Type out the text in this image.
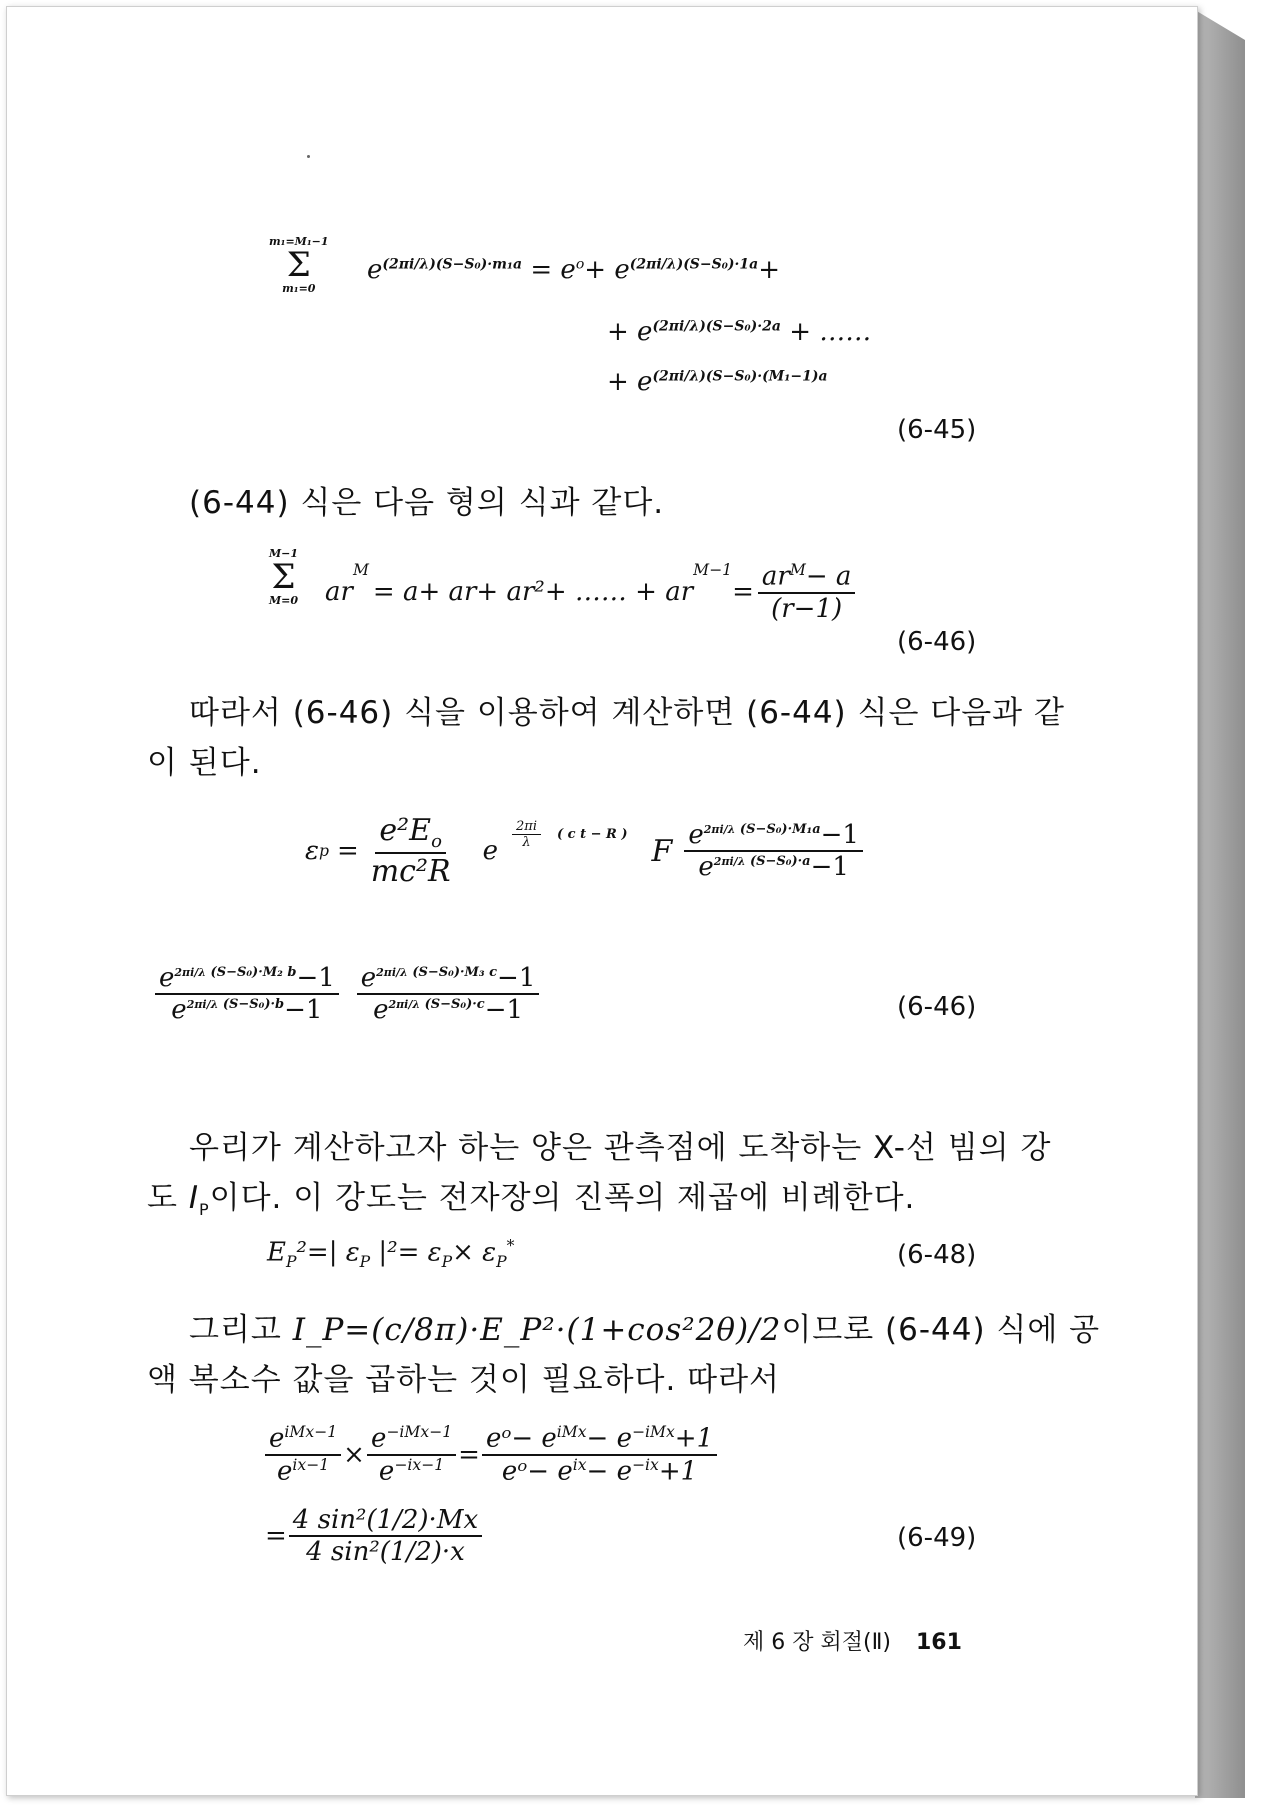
m₁=M₁−1
Σ
m₁=0
$e^{(2\pi i/\lambda)(S-S_0)\cdot m_1a} = e^o+ e^{(2\pi i/\lambda)(S-S_0)\cdot 1a}+$
+ $e^{(2\pi i/\lambda)(S-S_0)\cdot 2a}$ + ……
+ $e^{(2\pi i/\lambda)(S-S_0)\cdot(M_1-1)a}$
(6-45)
(6-44) 식은 다음 형의 식과 같다.
M−1
Σ
M=0 ar
$^M$
= a+ ar+ ar²+ …… + ar
$^{M-1}$
= $\frac{ar^M- a}{(r-1)}$
(6-46)
따라서 (6-46) 식을 이용하여 계산하면 (6-44) 식은 다음과 같
이 된다.
ε $p = \frac{e^2E_o}{\text{mc²R}}$ e
$\frac{2\pi i}{\lambda}$ ( c t − R ) F $\frac{e^{2\pi i/\lambda (S-S_0)\cdot M_1a}-1}{e^{2\pi i/\lambda (S-S_0)\cdot a}-1}$
$\frac{e^{2\pi i/\lambda (S-S_0)\cdot M_2 b}-1}{e^{2\pi i/\lambda (S-S_0)\cdot b}-1} \frac{e^{2\pi i/\lambda (S-S_0)\cdot M_3 c}-1}{e^{2\pi i/\lambda (S-S_0)\cdot c}-1}$	(6-46)
우리가 계산하고자 하는 양은 관측점에 도착하는 X-선 빔의 강
도 $I_P$이다. 이 강도는 전자장의 진폭의 제곱에 비례한다.
$E_P^2=|$ $\varepsilon_P$ $|^2= \varepsilon_P\times \varepsilon_P^*$	(6-48)
그리고 I_P=(c/8π)·E_P²·(1+cos²2θ)/2이므로 (6-44) 식에 공
액 복소수 값을 곱하는 것이 필요하다. 따라서
$\frac{e^{iMx-1}}{e^{ix-1}} \times \frac{e^{-iMx-1}}{e^{-ix-1}} = \frac{eᵒ- e^{iMx}- e^{-iMx}+1}{eᵒ- e^{ix}- e^{-ix}+1}$
= $\frac{\text{4 sin²(1/2)·Mx}}{\text{4 sin²(1/2)·x}}$	(6-49)
제 6 장 회절(Ⅱ) 161
